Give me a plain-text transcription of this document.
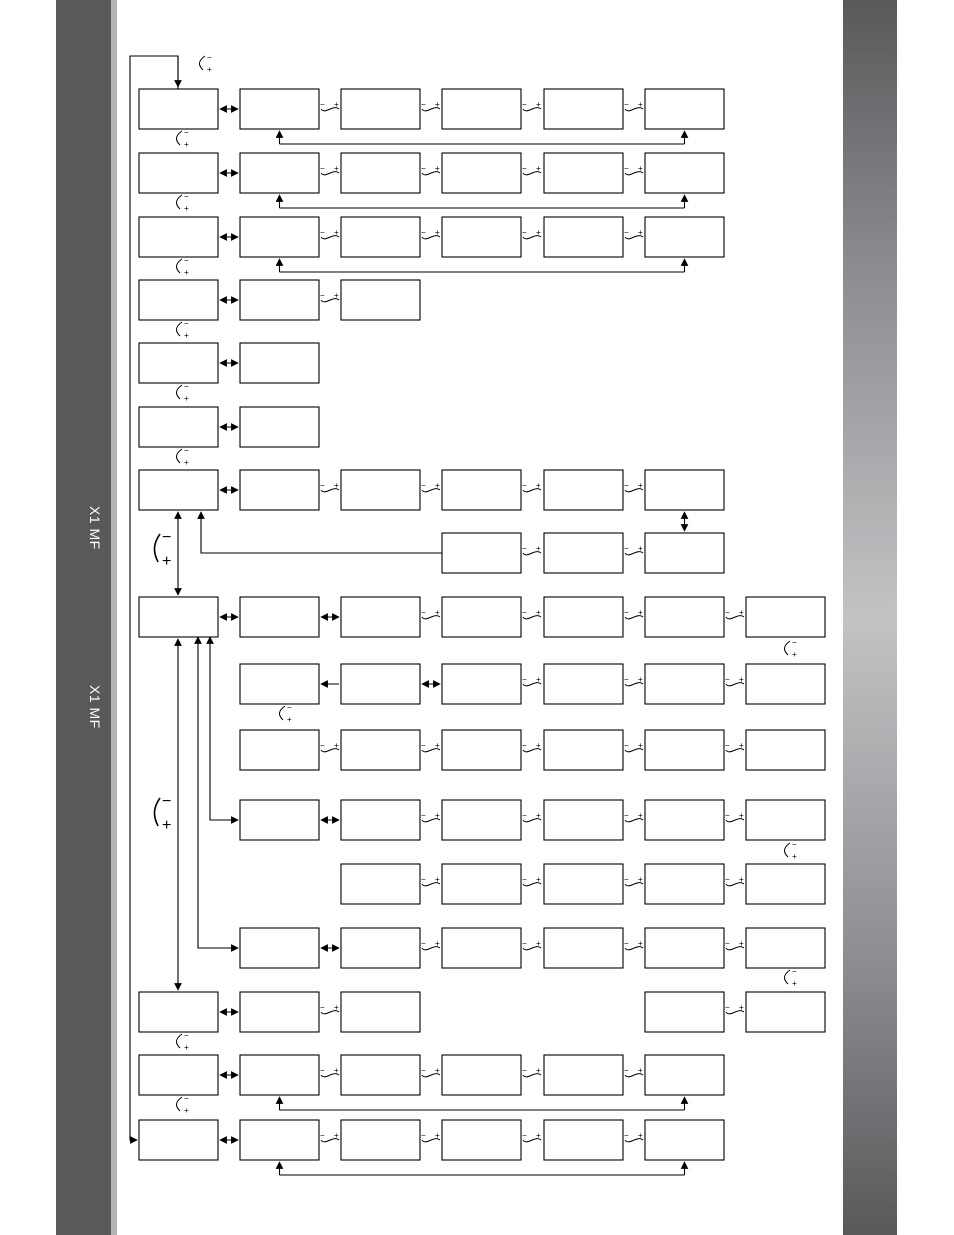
X1 MF
X1 MF
− +	− +	− +	− +
− +	− +	− +	− +
− +	− +	− +	− +
− +
− +	− +	− +	− +
− +	− +
−
+
−
+
−
+
−
+
−
+
−
+
−
+
−
+
− +	− +	− +	− +
− +	− +	− +
− +	− +	− +	− +	− +
− +	− +	− +	− +
− +	− +	− +	− +
− +	− +	− +	− +
− +	− +
−
+
−
+
−
+
−
+
−
+
− +	− +	− +	− +
− +	− +	− +	− +
−
+
−
+
